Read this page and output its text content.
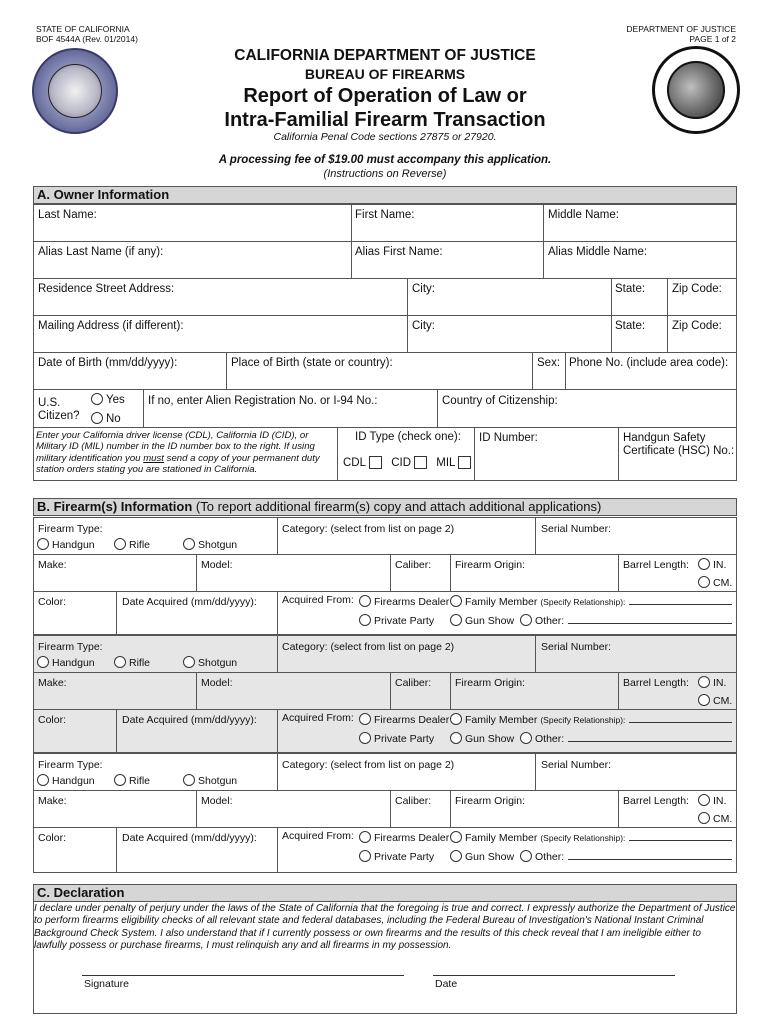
STATE OF CALIFORNIA
BOF 4544A (Rev. 01/2014)
DEPARTMENT OF JUSTICE
PAGE 1 of 2
CALIFORNIA DEPARTMENT OF JUSTICE
BUREAU OF FIREARMS
Report of Operation of Law or
Intra-Familial Firearm Transaction
California Penal Code sections 27875 or 27920.
A processing fee of $19.00 must accompany this application.
(Instructions on Reverse)
A. Owner Information
Last Name:	First Name:	Middle Name:
Alias Last Name (if any):	Alias First Name:	Alias Middle Name:
Residence Street Address:	City:	State: Zip Code:
Mailing Address (if different):	City:	State: Zip Code:
Date of Birth (mm/dd/yyyy):	Place of Birth (state or country):	Sex: Phone No. (include area code):
U.S.
Citizen?
Yes
No
If no, enter Alien Registration No. or I-94 No.:	Country of Citizenship:
Enter your California driver license (CDL), California ID (CID), or
Military ID (MIL) number in the ID number box to the right. If using
military identification you must send a copy of your permanent duty
station orders stating you are stationed in California.
ID Type (check one):
CDL CID MIL
ID Number:	Handgun Safety
Certificate (HSC) No.:
B. Firearm(s) Information (To report additional firearm(s) copy and attach additional applications)
Firearm Type:	Category: (select from list on page 2)	Serial Number:
Handgun	Rifle	Shotgun
Make:	Model:	Caliber: Firearm Origin:	Barrel Length:	IN.
CM.
Color:	Date Acquired (mm/dd/yyyy): Acquired From:	Firearms Dealer	Family Member (Specify Relationship):
Private Party	Gun Show	Other:
Firearm Type:	Category: (select from list on page 2)	Serial Number:
Handgun	Rifle	Shotgun
Make:	Model:	Caliber: Firearm Origin:	Barrel Length:	IN.
CM.
Color:	Date Acquired (mm/dd/yyyy): Acquired From:	Firearms Dealer	Family Member (Specify Relationship):
Private Party	Gun Show	Other:
Firearm Type:	Category: (select from list on page 2)	Serial Number:
Handgun	Rifle	Shotgun
Make:	Model:	Caliber: Firearm Origin:	Barrel Length:	IN.
CM.
Color:	Date Acquired (mm/dd/yyyy): Acquired From:	Firearms Dealer	Family Member (Specify Relationship):
Private Party	Gun Show	Other:
C. Declaration
I declare under penalty of perjury under the laws of the State of California that the foregoing is true and correct. I expressly authorize the Department of Justice to perform firearms eligibility checks of all relevant state and federal databases, including the Federal Bureau of Investigation's National Instant Criminal Background Check System. I also understand that if I currently possess or own firearms and the results of this check reveal that I am ineligible either to lawfully possess or purchase firearms, I must relinquish any and all firearms in my possession.
Signature	Date
